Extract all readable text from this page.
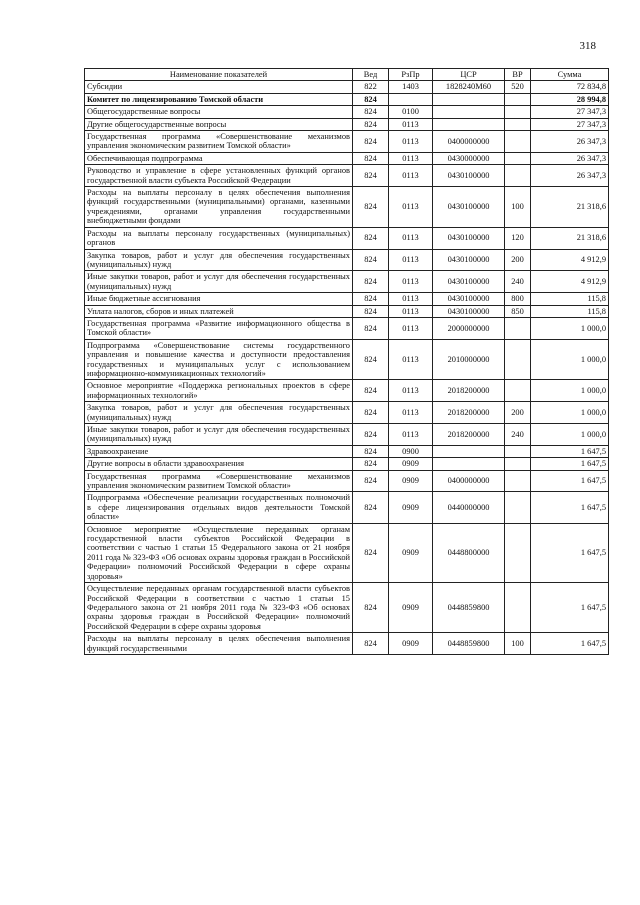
318
Наименование показателей	Вед	РзПр	ЦСР	ВР	Сумма
Субсидии	822	1403	1828240М60	520	72 834,8
Комитет по лицензированию Томской области	824				28 994,8
Общегосударственные вопросы	824	0100			27 347,3
Другие общегосударственные вопросы	824	0113			27 347,3
Государственная программа «Совершенствование механизмов управления экономическим развитием Томской области»	824	0113	0400000000		26 347,3
Обеспечивающая подпрограмма	824	0113	0430000000		26 347,3
Руководство и управление в сфере установленных функций органов государственной власти субъекта Российской Федерации	824	0113	0430100000		26 347,3
Расходы на выплаты персоналу в целях обеспечения выполнения функций государственными (муниципальными) органами, казенными учреждениями, органами управления государственными внебюджетными фондами	824	0113	0430100000	100	21 318,6
Расходы на выплаты персоналу государственных (муниципальных) органов	824	0113	0430100000	120	21 318,6
Закупка товаров, работ и услуг для обеспечения государственных (муниципальных) нужд	824	0113	0430100000	200	4 912,9
Иные закупки товаров, работ и услуг для обеспечения государственных (муниципальных) нужд	824	0113	0430100000	240	4 912,9
Иные бюджетные ассигнования	824	0113	0430100000	800	115,8
Уплата налогов, сборов и иных платежей	824	0113	0430100000	850	115,8
Государственная программа «Развитие информационного общества в Томской области»	824	0113	2000000000		1 000,0
Подпрограмма «Совершенствование системы государственного управления и повышение качества и доступности предоставления государственных и муниципальных услуг с использованием информационно-коммуникационных технологий»	824	0113	2010000000		1 000,0
Основное мероприятие «Поддержка региональных проектов в сфере информационных технологий»	824	0113	2018200000		1 000,0
Закупка товаров, работ и услуг для обеспечения государственных (муниципальных) нужд	824	0113	2018200000	200	1 000,0
Иные закупки товаров, работ и услуг для обеспечения государственных (муниципальных) нужд	824	0113	2018200000	240	1 000,0
Здравоохранение	824	0900			1 647,5
Другие вопросы в области здравоохранения	824	0909			1 647,5
Государственная программа «Совершенствование механизмов управления экономическим развитием Томской области»	824	0909	0400000000		1 647,5
Подпрограмма «Обеспечение реализации государственных полномочий в сфере лицензирования отдельных видов деятельности Томской области»	824	0909	0440000000		1 647,5
Основное мероприятие «Осуществление переданных органам государственной власти субъектов Российской Федерации в соответствии с частью 1 статьи 15 Федерального закона от 21 ноября 2011 года № 323-ФЗ «Об основах охраны здоровья граждан в Российской Федерации» полномочий Российской Федерации в сфере охраны здоровья»	824	0909	0448800000		1 647,5
Осуществление переданных органам государственной власти субъектов Российской Федерации в соответствии с частью 1 статьи 15 Федерального закона от 21 ноября 2011 года № 323-ФЗ «Об основах охраны здоровья граждан в Российской Федерации» полномочий Российской Федерации в сфере охраны здоровья	824	0909	0448859800		1 647,5
Расходы на выплаты персоналу в целях обеспечения выполнения функций государственными	824	0909	0448859800	100	1 647,5
